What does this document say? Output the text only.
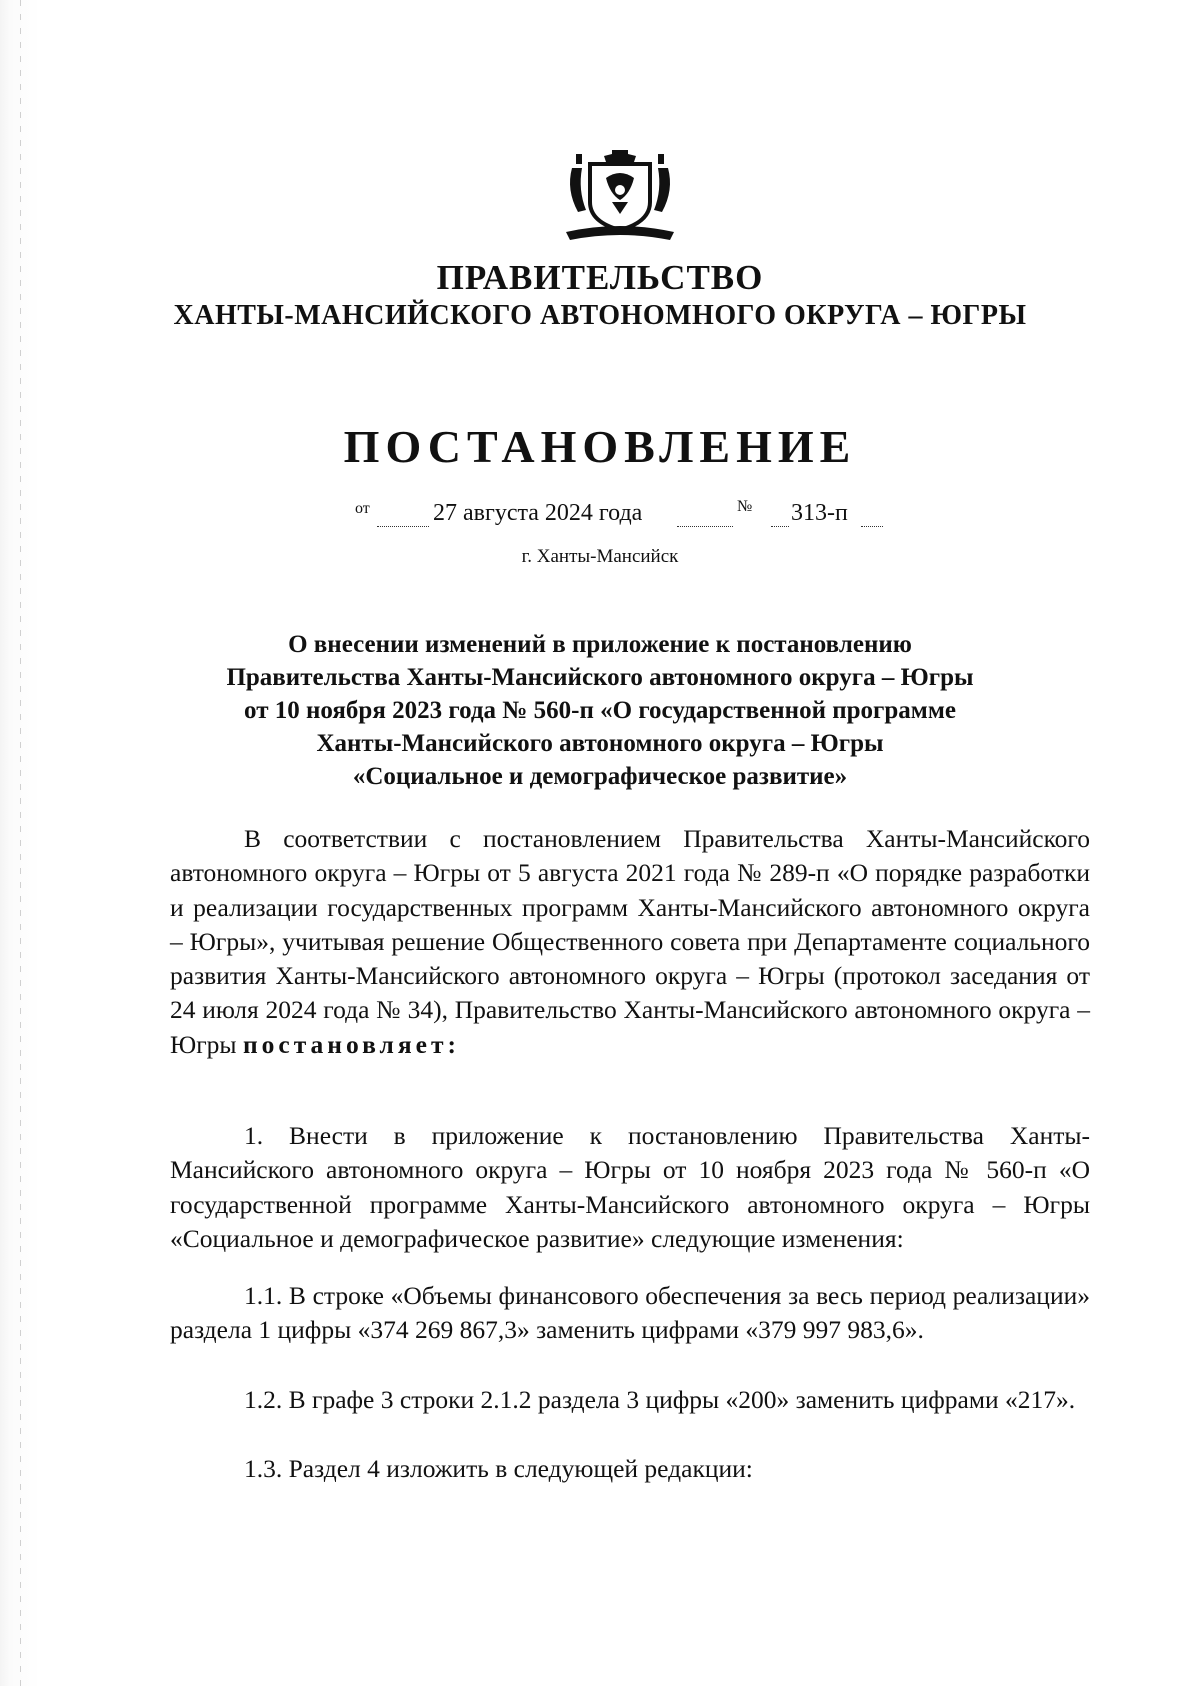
ПРАВИТЕЛЬСТВО
ХАНТЫ-МАНСИЙСКОГО АВТОНОМНОГО ОКРУГА – ЮГРЫ
ПОСТАНОВЛЕНИЕ
от	27 августа 2024 года	№ 313-п

г. Ханты-Мансийск

О внесении изменений в приложение к постановлению
Правительства Ханты-Мансийского автономного округа – Югры
от 10 ноября 2023 года № 560-п «О государственной программе
Ханты-Мансийского автономного округа – Югры
«Социальное и демографическое развитие»

В соответствии с постановлением Правительства Ханты-Мансийского автономного округа – Югры от 5 августа 2021 года № 289-п «О порядке разработки и реализации государственных программ Ханты-Мансийского автономного округа – Югры», учитывая решение Общественного совета при Департаменте социального развития Ханты-Мансийского автономного округа – Югры (протокол заседания от 24 июля 2024 года № 34), Правительство Ханты-Мансийского автономного округа – Югры постановляет:

1. Внести в приложение к постановлению Правительства Ханты-Мансийского автономного округа – Югры от 10 ноября 2023 года № 560-п «О государственной программе Ханты-Мансийского автономного округа – Югры «Социальное и демографическое развитие» следующие изменения:

1.1. В строке «Объемы финансового обеспечения за весь период реализации» раздела 1 цифры «374 269 867,3» заменить цифрами «379 997 983,6».

1.2. В графе 3 строки 2.1.2 раздела 3 цифры «200» заменить цифрами «217».

1.3. Раздел 4 изложить в следующей редакции:
